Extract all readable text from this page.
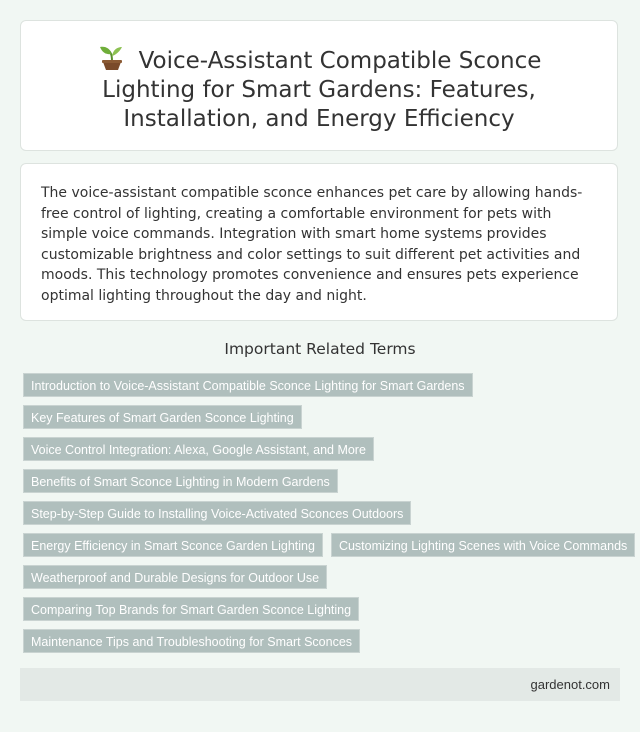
Voice-Assistant Compatible Sconce Lighting for Smart Gardens: Features, Installation, and Energy Efficiency

The voice-assistant compatible sconce enhances pet care by allowing hands-free control of lighting, creating a comfortable environment for pets with simple voice commands. Integration with smart home systems provides customizable brightness and color settings to suit different pet activities and moods. This technology promotes convenience and ensures pets experience optimal lighting throughout the day and night.

Important Related Terms
Introduction to Voice-Assistant Compatible Sconce Lighting for Smart Gardens
Key Features of Smart Garden Sconce Lighting
Voice Control Integration: Alexa, Google Assistant, and More
Benefits of Smart Sconce Lighting in Modern Gardens
Step-by-Step Guide to Installing Voice-Activated Sconces Outdoors
Energy Efficiency in Smart Sconce Garden Lighting	Customizing Lighting Scenes with Voice Commands
Weatherproof and Durable Designs for Outdoor Use
Comparing Top Brands for Smart Garden Sconce Lighting
Maintenance Tips and Troubleshooting for Smart Sconces
gardenot.com
